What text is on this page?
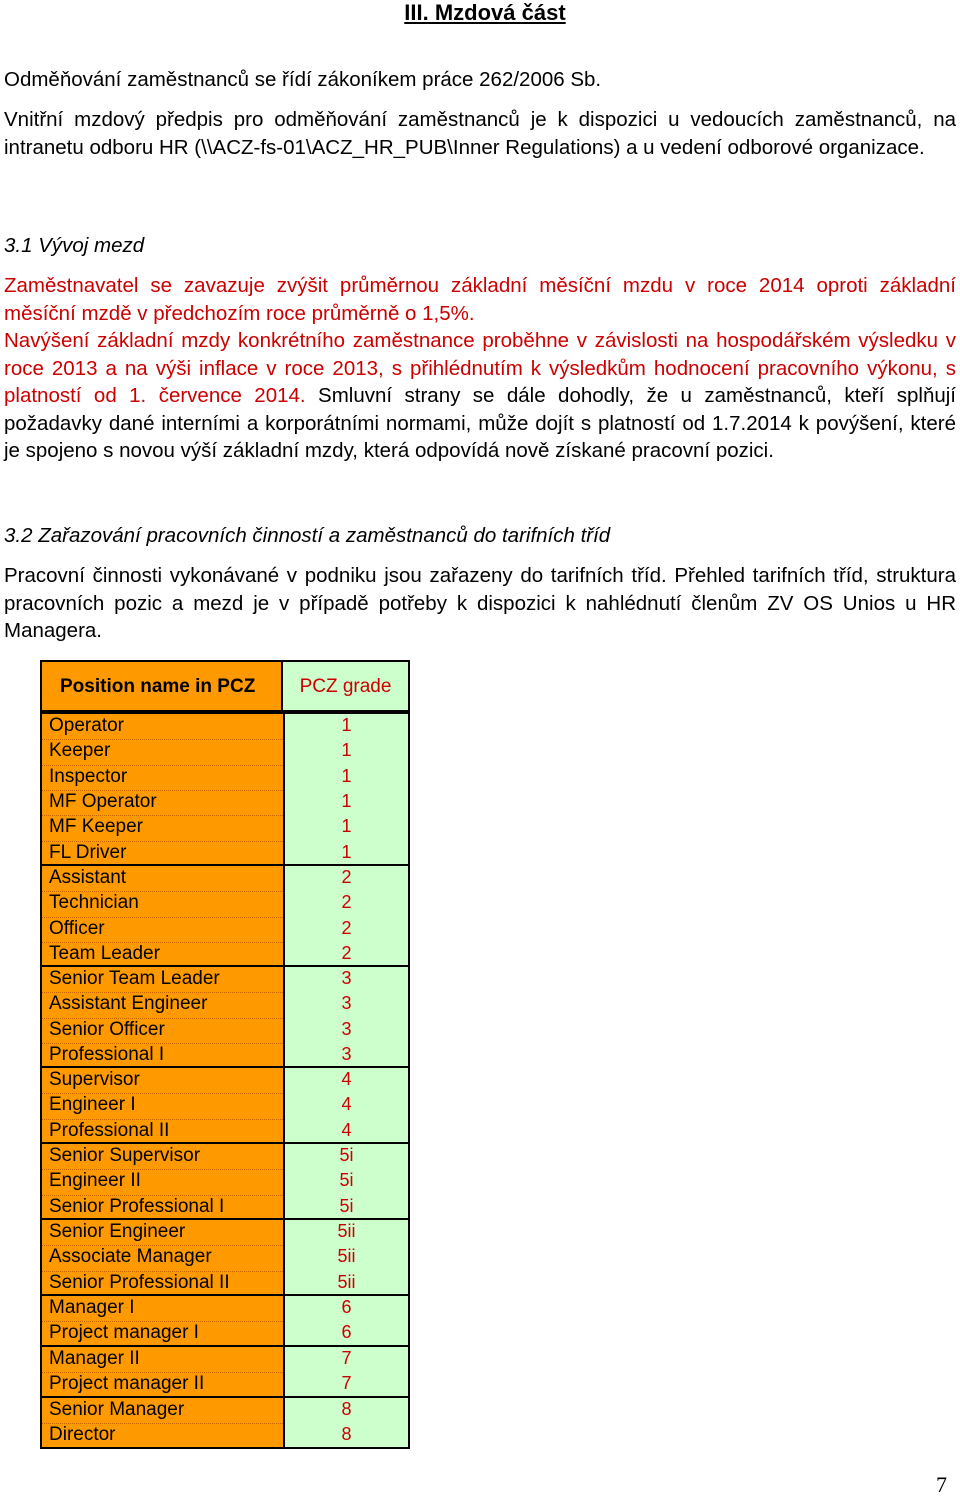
III. Mzdová část
Odměňování zaměstnanců se řídí zákoníkem práce 262/2006 Sb.
Vnitřní mzdový předpis pro odměňování zaměstnanců je k dispozici u vedoucích zaměstnanců, na intranetu odboru HR (\\ACZ-fs-01\ACZ_HR_PUB\Inner Regulations) a u vedení odborové organizace.
3.1 Vývoj mezd
Zaměstnavatel se zavazuje zvýšit průměrnou základní měsíční mzdu v roce 2014 oproti základní měsíční mzdě v předchozím roce průměrně o 1,5%.
Navýšení základní mzdy konkrétního zaměstnance proběhne v závislosti na hospodářském výsledku v roce 2013 a na výši inflace v roce 2013, s přihlédnutím k výsledkům hodnocení pracovního výkonu, s platností od 1. července 2014. Smluvní strany se dále dohodly, že u zaměstnanců, kteří splňují požadavky dané interními a korporátními normami, může dojít s platností od 1.7.2014 k povýšení, které je spojeno s novou výší základní mzdy, která odpovídá nově získané pracovní pozici.
3.2 Zařazování pracovních činností a zaměstnanců do tarifních tříd
Pracovní činnosti vykonávané v podniku jsou zařazeny do tarifních tříd. Přehled tarifních tříd, struktura pracovních pozic a mezd je v případě potřeby k dispozici k nahlédnutí členům ZV OS Unios u HR Managera.
Position name in PCZ	PCZ grade
Operator	1
Keeper	1
Inspector	1
MF Operator	1
MF Keeper	1
FL Driver	1
Assistant	2
Technician	2
Officer	2
Team Leader	2
Senior Team Leader	3
Assistant Engineer	3
Senior Officer	3
Professional I	3
Supervisor	4
Engineer I	4
Professional II	4
Senior Supervisor	5i
Engineer II	5i
Senior Professional I	5i
Senior Engineer	5ii
Associate Manager	5ii
Senior Professional II	5ii
Manager I	6
Project manager I	6
Manager II	7
Project manager II	7
Senior Manager	8
Director	8
7
